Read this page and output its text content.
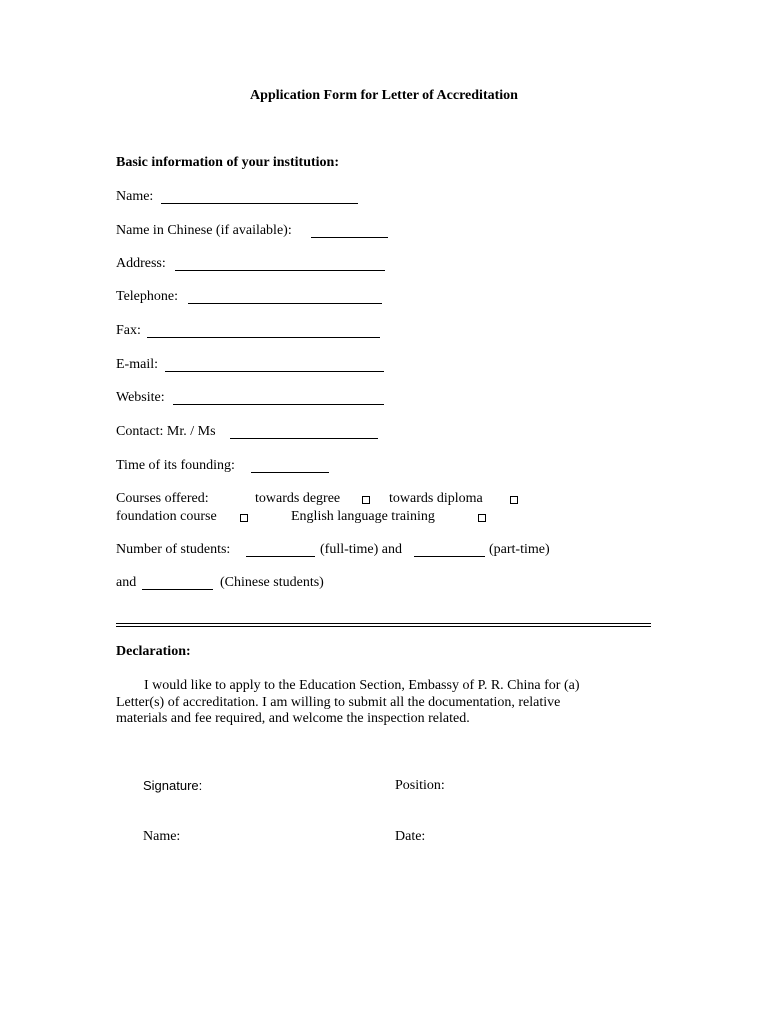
Application Form for Letter of Accreditation
Basic information of your institution:
Name:
Name in Chinese (if available):
Address:
Telephone:
Fax:
E-mail:
Website:
Contact: Mr. / Ms
Time of its founding:
Courses offered:	towards degree	towards diploma
foundation course	English language training
Number of students:	(full-time) and	(part-time)
and	(Chinese students)
Declaration:

I would like to apply to the Education Section, Embassy of P. R. China for (a)

Letter(s) of accreditation. I am willing to submit all the documentation, relative

materials and fee required, and welcome the inspection related.

Signature:	Position:
Name:	Date:
